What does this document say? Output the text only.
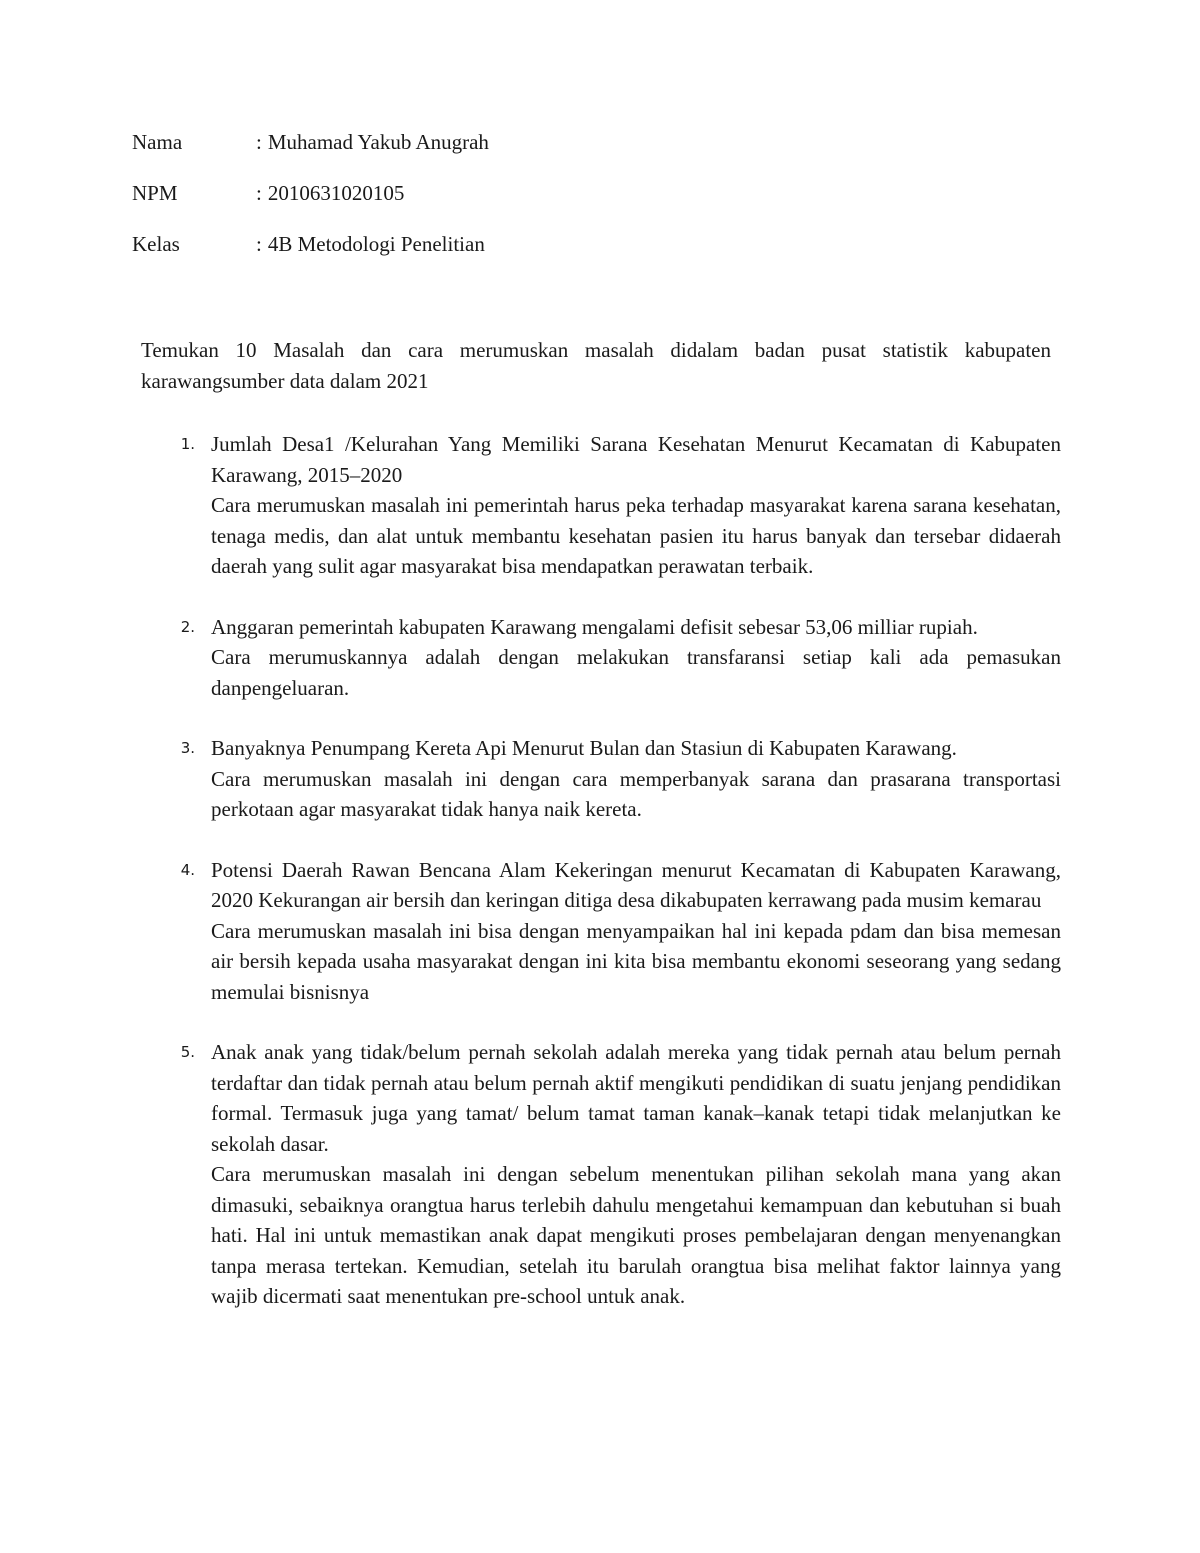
Nama	: Muhamad Yakub Anugrah
NPM	: 2010631020105
Kelas	: 4B Metodologi Penelitian
Temukan 10 Masalah dan cara merumuskan masalah didalam badan pusat statistik kabupaten karawangsumber data dalam 2021
1. Jumlah Desa1 /Kelurahan Yang Memiliki Sarana Kesehatan Menurut Kecamatan di Kabupaten Karawang, 2015–2020

Cara merumuskan masalah ini pemerintah harus peka terhadap masyarakat karena sarana kesehatan, tenaga medis, dan alat untuk membantu kesehatan pasien itu harus banyak dan tersebar didaerah daerah yang sulit agar masyarakat bisa mendapatkan perawatan terbaik.

2. Anggaran pemerintah kabupaten Karawang mengalami defisit sebesar 53,06 milliar rupiah.

Cara merumuskannya adalah dengan melakukan transfaransi setiap kali ada pemasukan danpengeluaran.

3. Banyaknya Penumpang Kereta Api Menurut Bulan dan Stasiun di Kabupaten Karawang.

Cara merumuskan masalah ini dengan cara memperbanyak sarana dan prasarana transportasi perkotaan agar masyarakat tidak hanya naik kereta.

4. Potensi Daerah Rawan Bencana Alam Kekeringan menurut Kecamatan di Kabupaten Karawang, 2020 Kekurangan air bersih dan keringan ditiga desa dikabupaten kerrawang pada musim kemarau

Cara merumuskan masalah ini bisa dengan menyampaikan hal ini kepada pdam dan bisa memesan air bersih kepada usaha masyarakat dengan ini kita bisa membantu ekonomi seseorang yang sedang memulai bisnisnya

5. Anak anak yang tidak/belum pernah sekolah adalah mereka yang tidak pernah atau belum pernah terdaftar dan tidak pernah atau belum pernah aktif mengikuti pendidikan di suatu jenjang pendidikan formal. Termasuk juga yang tamat/ belum tamat taman kanak–kanak tetapi tidak melanjutkan ke sekolah dasar.

Cara merumuskan masalah ini dengan sebelum menentukan pilihan sekolah mana yang akan dimasuki, sebaiknya orangtua harus terlebih dahulu mengetahui kemampuan dan kebutuhan si buah hati. Hal ini untuk memastikan anak dapat mengikuti proses pembelajaran dengan menyenangkan tanpa merasa tertekan. Kemudian, setelah itu barulah orangtua bisa melihat faktor lainnya yang wajib dicermati saat menentukan pre-school untuk anak.
